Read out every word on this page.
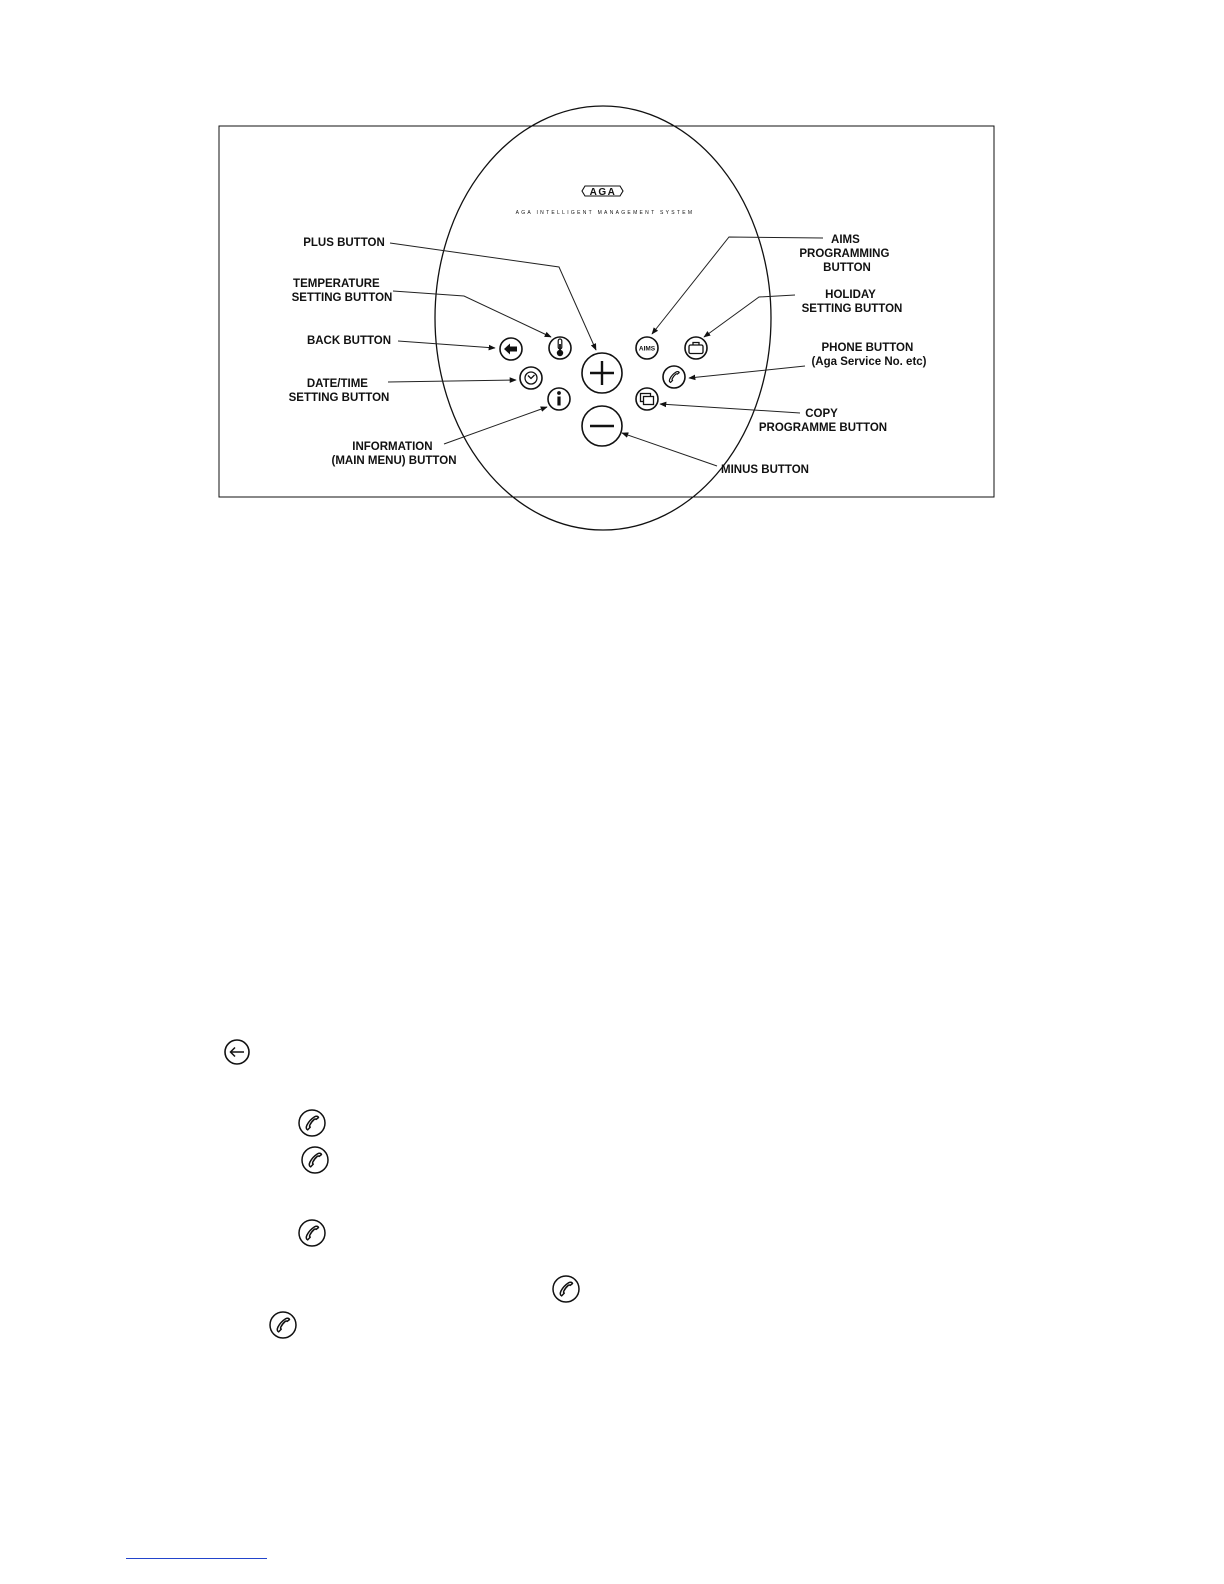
AGA
AGA INTELLIGENT MANAGEMENT SYSTEM
AIMS
PLUS BUTTON
TEMPERATURE SETTING BUTTON
BACK BUTTON
DATE/TIME SETTING BUTTON
INFORMATION (MAIN MENU) BUTTON
AIMS PROGRAMMING BUTTON
HOLIDAY SETTING BUTTON
PHONE BUTTON (Aga Service No. etc)
COPY PROGRAMME BUTTON
MINUS BUTTON
